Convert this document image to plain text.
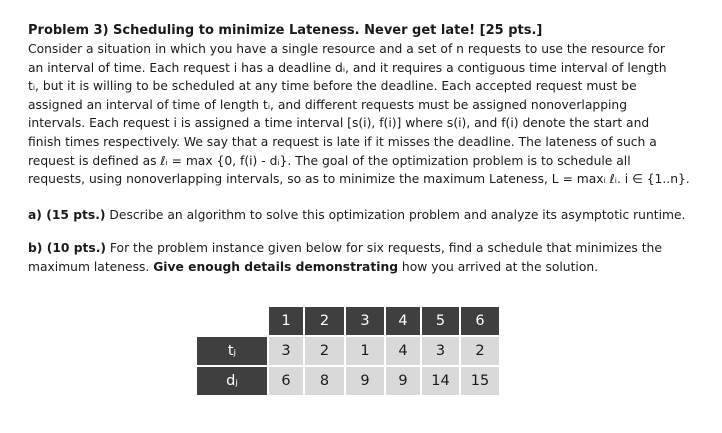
Problem 3) Scheduling to minimize Lateness. Never get late! [25 pts.]

Consider a situation in which you have a single resource and a set of n requests to use the resource for
an interval of time. Each request i has a deadline dᵢ, and it requires a contiguous time interval of length
tᵢ, but it is willing to be scheduled at any time before the deadline. Each accepted request must be
assigned an interval of time of length tᵢ, and different requests must be assigned nonoverlapping
intervals. Each request i is assigned a time interval [s(i), f(i)] where s(i), and f(i) denote the start and
finish times respectively. We say that a request is late if it misses the deadline. The lateness of such a
request is defined as ℓᵢ = max {0, f(i) - dᵢ}. The goal of the optimization problem is to schedule all
requests, using nonoverlapping intervals, so as to minimize the maximum Lateness, L = maxᵢ ℓᵢ. i ∈ {1..n}.

a) (15 pts.) Describe an algorithm to solve this optimization problem and analyze its asymptotic runtime.

b) (10 pts.) For the problem instance given below for six requests, find a schedule that minimizes the
maximum lateness. Give enough details demonstrating how you arrived at the solution.

	1	2	3	4	5	6
tⱼ	3	2	1	4	3	2
dⱼ	6	8	9	9	14	15
